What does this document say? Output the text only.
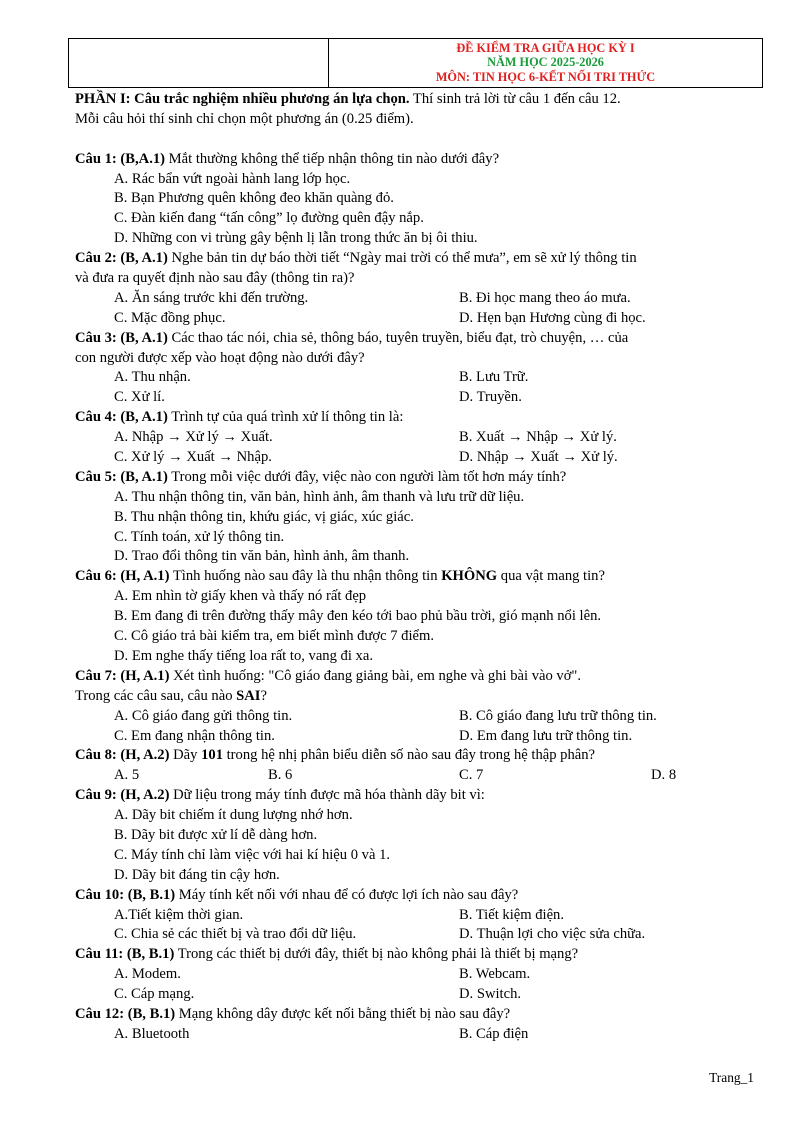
ĐỀ KIỂM TRA GIỮA HỌC KỲ I
NĂM HỌC 2025-2026
MÔN: TIN HỌC 6-KẾT NỐI TRI THỨC
PHẦN I: Câu trắc nghiệm nhiều phương án lựa chọn. Thí sinh trả lời từ câu 1 đến câu 12.
Mỗi câu hỏi thí sinh chỉ chọn một phương án (0.25 điểm).
Câu 1: (B,A.1) Mắt thường không thể tiếp nhận thông tin nào dưới đây?
A. Rác bẩn vứt ngoài hành lang lớp học.
B. Bạn Phương quên không đeo khăn quàng đỏ.
C. Đàn kiến đang “tấn công” lọ đường quên đậy nắp.
D. Những con vi trùng gây bệnh lị lẫn trong thức ăn bị ôi thiu.
Câu 2: (B, A.1) Nghe bản tin dự báo thời tiết “Ngày mai trời có thể mưa”, em sẽ xử lý thông tin
và đưa ra quyết định nào sau đây (thông tin ra)?
A. Ăn sáng trước khi đến trường.	B. Đi học mang theo áo mưa.
C. Mặc đồng phục.	D. Hẹn bạn Hương cùng đi học.
Câu 3: (B, A.1) Các thao tác nói, chia sẻ, thông báo, tuyên truyền, biểu đạt, trò chuyện, … của
con người được xếp vào hoạt động nào dưới đây?
A. Thu nhận.	B. Lưu Trữ.
C. Xử lí.	D. Truyền.
Câu 4: (B, A.1) Trình tự của quá trình xử lí thông tin là:
A. Nhập → Xử lý → Xuất.	B. Xuất → Nhập → Xử lý.
C. Xử lý → Xuất → Nhập.	D. Nhập → Xuất → Xử lý.
Câu 5: (B, A.1) Trong mỗi việc dưới đây, việc nào con người làm tốt hơn máy tính?
A. Thu nhận thông tin, văn bản, hình ảnh, âm thanh và lưu trữ dữ liệu.
B. Thu nhận thông tin, khứu giác, vị giác, xúc giác.
C. Tính toán, xử lý thông tin.
D. Trao đổi thông tin văn bản, hình ảnh, âm thanh.
Câu 6: (H, A.1) Tình huống nào sau đây là thu nhận thông tin KHÔNG qua vật mang tin?
A. Em nhìn tờ giấy khen và thấy nó rất đẹp
B. Em đang đi trên đường thấy mây đen kéo tới bao phủ bầu trời, gió mạnh nổi lên.
C. Cô giáo trả bài kiểm tra, em biết mình được 7 điểm.
D. Em nghe thấy tiếng loa rất to, vang đi xa.
Câu 7: (H, A.1) Xét tình huống: "Cô giáo đang giảng bài, em nghe và ghi bài vào vở".
Trong các câu sau, câu nào SAI?
A. Cô giáo đang gửi thông tin.	B. Cô giáo đang lưu trữ thông tin.
C. Em đang nhận thông tin.	D. Em đang lưu trữ thông tin.
Câu 8: (H, A.2) Dãy 101 trong hệ nhị phân biểu diễn số nào sau đây trong hệ thập phân?
A. 5	B. 6	C. 7	D. 8
Câu 9: (H, A.2) Dữ liệu trong máy tính được mã hóa thành dãy bit vì:
A. Dãy bit chiếm ít dung lượng nhớ hơn.
B. Dãy bit được xử lí dễ dàng hơn.
C. Máy tính chỉ làm việc với hai kí hiệu 0 và 1.
D. Dãy bit đáng tin cậy hơn.
Câu 10: (B, B.1) Máy tính kết nối với nhau để có được lợi ích nào sau đây?
A.Tiết kiệm thời gian.	B. Tiết kiệm điện.
C. Chia sẻ các thiết bị và trao đổi dữ liệu.	D. Thuận lợi cho việc sửa chữa.
Câu 11: (B, B.1) Trong các thiết bị dưới đây, thiết bị nào không phải là thiết bị mạng?
A. Modem.	B. Webcam.
C. Cáp mạng.	D. Switch.
Câu 12: (B, B.1) Mạng không dây được kết nối bằng thiết bị nào sau đây?
A. Bluetooth	B. Cáp điện
Trang_1
